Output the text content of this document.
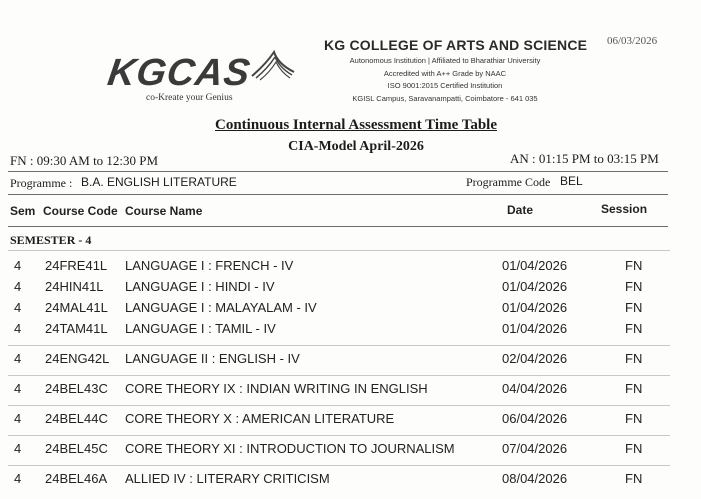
KGCAS
co-Kreate your Genius
KG COLLEGE OF ARTS AND SCIENCE
Autonomous Institution | Affiliated to Bharathiar University
Accredited with A++ Grade by NAAC
ISO 9001:2015 Certified Institution
KGISL Campus, Saravanampatti, Coimbatore - 641 035
06/03/2026
Continuous Internal Assessment Time Table
CIA-Model April-2026
FN : 09:30 AM to 12:30 PM	AN : 01:15 PM to 03:15 PM
Programme : B.A. ENGLISH LITERATURE	Programme Code BEL
Sem Course Code Course Name	Date	Session
SEMESTER - 4
4 24FRE41L LANGUAGE I : FRENCH - IV	01/04/2026	FN
4 24HIN41L LANGUAGE I : HINDI - IV	01/04/2026	FN
4 24MAL41L LANGUAGE I : MALAYALAM - IV	01/04/2026	FN
4 24TAM41L LANGUAGE I : TAMIL - IV	01/04/2026	FN
4 24ENG42L LANGUAGE II : ENGLISH - IV	02/04/2026	FN
4 24BEL43C CORE THEORY IX : INDIAN WRITING IN ENGLISH	04/04/2026	FN
4 24BEL44C CORE THEORY X : AMERICAN LITERATURE	06/04/2026	FN
4 24BEL45C CORE THEORY XI : INTRODUCTION TO JOURNALISM	07/04/2026	FN
4 24BEL46A ALLIED IV : LITERARY CRITICISM	08/04/2026	FN
